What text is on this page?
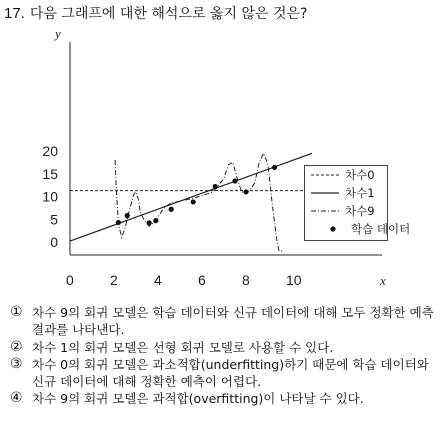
17. 다음 그래프에 대한 해석으로 옳지 않은 것은?
y
x
0	2	4	6	8	10
0
5
10
15
20
차수0
차수1
차수9
학습 데이터
① 차수 9의 회귀 모델은 학습 데이터와 신규 데이터에 대해 모두 정확한 예측 결과를 나타낸다.
② 차수 1의 회귀 모델은 선형 회귀 모델로 사용할 수 있다.
③ 차수 0의 회귀 모델은 과소적합(underfitting)하기 때문에 학습 데이터와 신규 데이터에 대해 정확한 예측이 어렵다.
④ 차수 9의 회귀 모델은 과적합(overfitting)이 나타날 수 있다.
